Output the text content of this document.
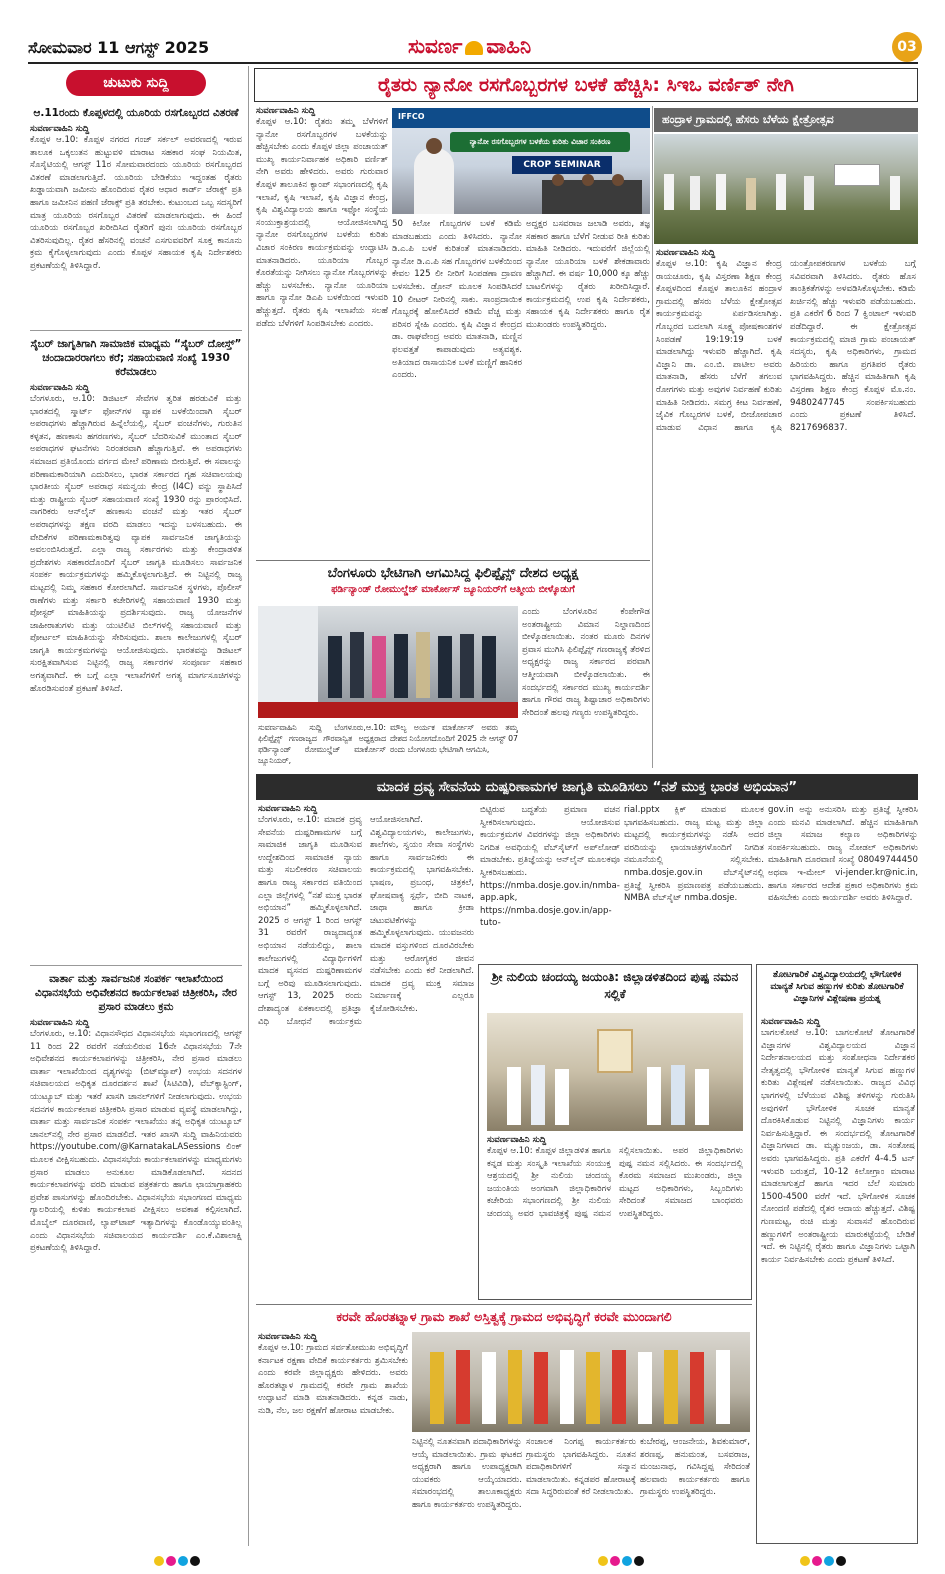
ಸೋಮವಾರ 11 ಆಗಸ್ಟ್ 2025	ಸುವರ್ಣ ವಾಹಿನಿ	03
ಚುಟುಕು ಸುದ್ದಿ
ಆ.11ರಂದು ಕೊಪ್ಪಳದಲ್ಲಿ ಯೂರಿಯ ರಸಗೊಬ್ಬರದ ವಿತರಣೆ
ಸುವರ್ಣವಾಹಿನಿ ಸುದ್ದಿ
ಕೊಪ್ಪಳ ಆ.10: ಕೊಪ್ಪಳ ನಗರದ ಗಂಜ್ ಸರ್ಕಲ್ ಅವರಣದಲ್ಲಿ ಇರುವ ತಾಲೂಕ ಒಕ್ಕಲುತನ ಹುಟ್ಟುವಳಿ ಮಾರಾಟ ಸಹಕಾರ ಸಂಘ ನಿಯಮಿತ, ಸೊಸೈಟಿಯಲ್ಲಿ ಆಗಸ್ಟ್ 11ರ ಸೋಮವಾರದಂದು ಯೂರಿಯ ರಸಗೊಬ್ಬರದ ವಿತರಣೆ ಮಾಡಲಾಗುತ್ತಿದೆ. ಯೂರಿಯ ಬೇಡಿಕೆಯು ಇದ್ದಂತಹ ರೈತರು ಖಡ್ಡಾಯವಾಗಿ ಜಮೀನು ಹೊಂದಿರುವ ರೈತರ ಆಧಾರ ಕಾರ್ಡ್ ಜೆರಾಕ್ಸ್ ಪ್ರತಿ ಹಾಗೂ ಜಮೀನಿನ ಪಹಣಿ ಜೆರಾಕ್ಸ್ ಪ್ರತಿ ತರಬೇಕು. ಕುಟುಂಬದ ಒಬ್ಬ ಸದಸ್ಯರಿಗೆ ಮಾತ್ರ ಯೂರಿಯ ರಸಗೊಬ್ಬರ ವಿತರಣೆ ಮಾಡಲಾಗುವುದು. ಈ ಹಿಂದೆ ಯೂರಿಯ ರಸಗೊಬ್ಬರ ಖರೀದಿಸಿದ ರೈತರಿಗೆ ಪುನಃ ಯೂರಿಯ ರಸಗೊಬ್ಬರ ವಿತರಿಸುವುದಿಲ್ಲ. ರೈತರ ಹೆಸರಿನಲ್ಲಿ ವಂಚನೆ ಎಸಗುವವರಿಗೆ ಸೂಕ್ತ ಕಾನೂನು ಕ್ರಮ ಕೈಗೊಳ್ಳಲಾಗುವುದು ಎಂದು ಕೊಪ್ಪಳ ಸಹಾಯಕ ಕೃಷಿ ನಿರ್ದೇಶಕರು ಪ್ರಕಟಣೆಯಲ್ಲಿ ತಿಳಿಸಿದ್ದಾರೆ.
ಸೈಬರ್ ಜಾಗೃತಿಗಾಗಿ ಸಾಮಾಜಿಕ ಮಾಧ್ಯಮ “ಸೈಬರ್ ದೋಸ್ತ್” ಚಂದಾದಾರರಾಗಲು ಕರೆ; ಸಹಾಯವಾಣಿ ಸಂಖ್ಯೆ 1930 ಕರೆಮಾಡಲು
ಸುವರ್ಣವಾಹಿನಿ ಸುದ್ದಿ
ಬೆಂಗಳೂರು, ಆ.10: ಡಿಜಿಟಲ್ ಸೇವೆಗಳ ತ್ವರಿತ ಹರಡುವಿಕೆ ಮತ್ತು ಭಾರತದಲ್ಲಿ ಸ್ಮಾರ್ಟ್ ಫೋನ್‌ಗಳ ವ್ಯಾಪಕ ಬಳಕೆಯಿಂದಾಗಿ ಸೈಬರ್ ಅಪರಾಧಗಳು ಹೆಚ್ಚಾಗಿರುವ ಹಿನ್ನೆಲೆಯಲ್ಲಿ, ಸೈಬರ್ ವಂಚನೆಗಳು, ಗುರುತಿನ ಕಳ್ಳತನ, ಹಣಕಾಸು ಹಗರಣಗಳು, ಸೈಬರ್ ಬೆದರಿಸುವಿಕೆ ಮುಂತಾದ ಸೈಬರ್ ಅಪರಾಧಗಳ ಘಟನೆಗಳು ನಿರಂತರವಾಗಿ ಹೆಚ್ಚಾಗುತ್ತಿವೆ. ಈ ಅಪರಾಧಗಳು ಸಮಾಜದ ಪ್ರತಿಯೊಂದು ವರ್ಗದ ಮೇಲೆ ಪರಿಣಾಮ ಬೀರುತ್ತಿವೆ. ಈ ಸವಾಲನ್ನು ಪರಿಣಾಮಕಾರಿಯಾಗಿ ಎದುರಿಸಲು, ಭಾರತ ಸರ್ಕಾರದ ಗೃಹ ಸಚಿವಾಲಯವು ಭಾರತೀಯ ಸೈಬರ್ ಅಪರಾಧ ಸಮನ್ವಯ ಕೇಂದ್ರ (I4C) ವನ್ನು ಸ್ಥಾಪಿಸಿದೆ ಮತ್ತು ರಾಷ್ಟ್ರೀಯ ಸೈಬರ್ ಸಹಾಯವಾಣಿ ಸಂಖ್ಯೆ 1930 ರನ್ನು ಪ್ರಾರಂಭಿಸಿದೆ. ನಾಗರಿಕರು ಆನ್‌ಲೈನ್ ಹಣಕಾಸು ವಂಚನೆ ಮತ್ತು ಇತರ ಸೈಬರ್ ಅಪರಾಧಗಳನ್ನು ತಕ್ಷಣ ವರದಿ ಮಾಡಲು ಇದನ್ನು ಬಳಸಬಹುದು. ಈ ವೇದಿಕೆಗಳ ಪರಿಣಾಮಕಾರಿತ್ವವು ವ್ಯಾಪಕ ಸಾರ್ವಜನಿಕ ಜಾಗೃತಿಯನ್ನು ಅವಲಂಬಿಸಿರುತ್ತದೆ. ಎಲ್ಲಾ ರಾಜ್ಯ ಸರ್ಕಾರಗಳು ಮತ್ತು ಕೇಂದ್ರಾಡಳಿತ ಪ್ರದೇಶಗಳು ಸಹಕಾರದೊಂದಿಗೆ ಸೈಬರ್ ಜಾಗೃತಿ ಮೂಡಿಸಲು ಸಾರ್ವಜನಿಕ ಸಂಪರ್ಕ ಕಾರ್ಯಕ್ರಮಗಳನ್ನು ಹಮ್ಮಿಕೊಳ್ಳಲಾಗುತ್ತಿದೆ. ಈ ನಿಟ್ಟಿನಲ್ಲಿ ರಾಜ್ಯ ಮಟ್ಟದಲ್ಲಿ ನಿಮ್ಮ ಸಹಕಾರ ಕೋರಲಾಗಿದೆ. ಸಾರ್ವಜನಿಕ ಸ್ಥಳಗಳು, ಪೊಲೀಸ್ ಠಾಣೆಗಳು ಮತ್ತು ಸರ್ಕಾರಿ ಕಚೇರಿಗಳಲ್ಲಿ ಸಹಾಯವಾಣಿ 1930 ಮತ್ತು ಪೋಸ್ಟರ್ ಮಾಹಿತಿಯನ್ನು ಪ್ರದರ್ಶಿಸುವುದು. ರಾಜ್ಯ ಯೋಜನೆಗಳ ಜಾಹೀರಾತುಗಳು ಮತ್ತು ಯುಟಿಲಿಟಿ ಬಿಲ್‌ಗಳಲ್ಲಿ ಸಹಾಯವಾಣಿ ಮತ್ತು ಪೋರ್ಟಲ್ ಮಾಹಿತಿಯನ್ನು ಸೇರಿಸುವುದು. ಶಾಲಾ ಕಾಲೇಜುಗಳಲ್ಲಿ ಸೈಬರ್ ಜಾಗೃತಿ ಕಾರ್ಯಕ್ರಮಗಳನ್ನು ಆಯೋಜಿಸುವುದು. ಭಾರತವನ್ನು ಡಿಜಿಟಲ್ ಸುರಕ್ಷಿತವಾಗಿಸುವ ನಿಟ್ಟಿನಲ್ಲಿ ರಾಜ್ಯ ಸರ್ಕಾರಗಳ ಸಂಪೂರ್ಣ ಸಹಕಾರ ಅಗತ್ಯವಾಗಿದೆ. ಈ ಬಗ್ಗೆ ಎಲ್ಲಾ ಇಲಾಖೆಗಳಿಗೆ ಅಗತ್ಯ ಮಾರ್ಗಸೂಚಿಗಳನ್ನು ಹೊರಡಿಸುವಂತೆ ಪ್ರಕಟಣೆ ತಿಳಿಸಿದೆ.
ವಾರ್ತಾ ಮತ್ತು ಸಾರ್ವಜನಿಕ ಸಂಪರ್ಕ ಇಲಾಖೆಯಿಂದ ವಿಧಾನಸಭೆಯ ಅಧಿವೇಶನದ ಕಾರ್ಯಕಲಾಪ ಚಿತ್ರೀಕರಿಸಿ, ನೇರ ಪ್ರಸಾರ ಮಾಡಲು ಕ್ರಮ
ಸುವರ್ಣವಾಹಿನಿ ಸುದ್ದಿ
ಬೆಂಗಳೂರು, ಆ.10: ವಿಧಾನಸೌಧದ ವಿಧಾನಸಭೆಯ ಸಭಾಂಗಣದಲ್ಲಿ ಆಗಸ್ಟ್ 11 ರಿಂದ 22 ರವರೆಗೆ ನಡೆಯಲಿರುವ 16ನೇ ವಿಧಾನಸಭೆಯ 7ನೇ ಅಧಿವೇಶನದ ಕಾರ್ಯಕಲಾಪಗಳನ್ನು ಚಿತ್ರೀಕರಿಸಿ, ನೇರ ಪ್ರಸಾರ ಮಾಡಲು ವಾರ್ತಾ ಇಲಾಖೆಯಿಂದ ದೃಶ್ಯಗಳನ್ನು (ಬಿಟ್‌ಮ್ಯಾಪ್) ಉಭಯ ಸದನಗಳ ಸಚಿವಾಲಯದ ಅಧಿಕೃತ ದೂರದರ್ಶನ ಶಾಖೆ (ಸಿಟಿವಿಡಿ), ವೆಬ್‌ಕ್ಯಾಸ್ಟಿಂಗ್, ಯುಟ್ಯೂಬ್ ಮತ್ತು ಇತರೆ ಖಾಸಗಿ ಚಾನಲ್‌ಗಳಿಗೆ ನೀಡಲಾಗುವುದು. ಉಭಯ ಸದನಗಳ ಕಾರ್ಯಕಲಾಪ ಚಿತ್ರೀಕರಿಸಿ ಪ್ರಸಾರ ಮಾಡುವ ವ್ಯವಸ್ಥೆ ಮಾಡಲಾಗಿದ್ದು, ವಾರ್ತಾ ಮತ್ತು ಸಾರ್ವಜನಿಕ ಸಂಪರ್ಕ ಇಲಾಖೆಯು ತನ್ನ ಅಧಿಕೃತ ಯುಟ್ಯೂಬ್ ಚಾನಲ್‌ನಲ್ಲಿ ನೇರ ಪ್ರಸಾರ ಮಾಡಲಿದೆ. ಇತರ ಖಾಸಗಿ ಸುದ್ದಿ ವಾಹಿನಿಯವರು https://youtube.com/@KarnatakaLASessions ಲಿಂಕ್ ಮೂಲಕ ವೀಕ್ಷಿಸಬಹುದು. ವಿಧಾನಸಭೆಯ ಕಾರ್ಯಕಲಾಪಗಳನ್ನು ಮಾಧ್ಯಮಗಳು ಪ್ರಸಾರ ಮಾಡಲು ಅನುಕೂಲ ಮಾಡಿಕೊಡಲಾಗಿದೆ. ಸದನದ ಕಾರ್ಯಕಲಾಪಗಳನ್ನು ವರದಿ ಮಾಡುವ ಪತ್ರಕರ್ತರು ಹಾಗೂ ಛಾಯಾಗ್ರಾಹಕರು ಪ್ರವೇಶ ಪಾಸುಗಳನ್ನು ಹೊಂದಿರಬೇಕು. ವಿಧಾನಸಭೆಯ ಸಭಾಂಗಣದ ಮಾಧ್ಯಮ ಗ್ಯಾಲರಿಯಲ್ಲಿ ಕುಳಿತು ಕಾರ್ಯಕಲಾಪ ವೀಕ್ಷಿಸಲು ಅವಕಾಶ ಕಲ್ಪಿಸಲಾಗಿದೆ. ಮೊಬೈಲ್ ದೂರವಾಣಿ, ಲ್ಯಾಪ್‌ಟಾಪ್ ಇತ್ಯಾದಿಗಳನ್ನು ಕೊಂಡೊಯ್ಯುವಂತಿಲ್ಲ ಎಂದು ವಿಧಾನಸಭೆಯ ಸಚಿವಾಲಯದ ಕಾರ್ಯದರ್ಶಿ ಎಂ.ಕೆ.ವಿಶಾಲಾಕ್ಷಿ ಪ್ರಕಟಣೆಯಲ್ಲಿ ತಿಳಿಸಿದ್ದಾರೆ.
ರೈತರು ನ್ಯಾನೋ ರಸಗೊಬ್ಬರಗಳ ಬಳಕೆ ಹೆಚ್ಚಿಸಿ: ಸಿಇಒ ವರ್ಣಿತ್ ನೇಗಿ
ಸುವರ್ಣವಾಹಿನಿ ಸುದ್ದಿ
ಕೊಪ್ಪಳ ಆ.10: ರೈತರು ತಮ್ಮ ಬೆಳೆಗಳಿಗೆ ನ್ಯಾನೋ ರಸಗೊಬ್ಬರಗಳ ಬಳಕೆಯನ್ನು ಹೆಚ್ಚಿಸಬೇಕು ಎಂದು ಕೊಪ್ಪಳ ಜಿಲ್ಲಾ ಪಂಚಾಯತ್ ಮುಖ್ಯ ಕಾರ್ಯನಿರ್ವಾಹಕ ಅಧಿಕಾರಿ ವರ್ಣಿತ್ ನೇಗಿ ಅವರು ಹೇಳಿದರು. ಅವರು ಗುರುವಾರ ಕೊಪ್ಪಳ ತಾಲೂಕಿನ ಕ್ಯಾಂಪ್ ಸಭಾಂಗಣದಲ್ಲಿ ಕೃಷಿ ಇಲಾಖೆ, ಕೃಷಿ ಇಲಾಖೆ, ಕೃಷಿ ವಿಜ್ಞಾನ ಕೇಂದ್ರ, ಕೃಷಿ ವಿಶ್ವವಿದ್ಯಾಲಯ ಹಾಗೂ ಇಫ್ಕೋ ಸಂಸ್ಥೆಯ ಸಂಯುಕ್ತಾಶ್ರಯದಲ್ಲಿ ಆಯೋಜಿಸಲಾಗಿದ್ದ ನ್ಯಾನೋ ರಸಗೊಬ್ಬರಗಳ ಬಳಕೆಯ ಕುರಿತು ವಿಚಾರ ಸಂಕಿರಣ ಕಾರ್ಯಕ್ರಮವನ್ನು ಉದ್ಘಾಟಿಸಿ ಮಾತನಾಡಿದರು. ಯೂರಿಯಾ ಗೊಬ್ಬರ ಕೊರತೆಯನ್ನು ನೀಗಿಸಲು ನ್ಯಾನೋ ಗೊಬ್ಬರಗಳನ್ನು ಹೆಚ್ಚು ಬಳಸಬೇಕು. ನ್ಯಾನೋ ಯೂರಿಯಾ ಹಾಗೂ ನ್ಯಾನೋ ಡಿಎಪಿ ಬಳಕೆಯಿಂದ ಇಳುವರಿ ಹೆಚ್ಚುತ್ತದೆ. ರೈತರು ಕೃಷಿ ಇಲಾಖೆಯ ಸಲಹೆ ಪಡೆದು ಬೆಳೆಗಳಿಗೆ ಸಿಂಪಡಿಸಬೇಕು ಎಂದರು.
IFFCO
ನ್ಯಾನೋ ರಸಗೊಬ್ಬರಗಳ ಬಳಕೆಯ ಕುರಿತು ವಿಚಾರ ಸಂಕಿರಣ
CROP SEMINAR
50 ಕಿಲೋ ಗೊಬ್ಬರಗಳ ಬಳಕೆ ಕಡಿಮೆ ಮಾಡಬಹುದು ಎಂದು ತಿಳಿಸಿದರು. ನ್ಯಾನೋ ಡಿ.ಎ.ಪಿ ಬಳಕೆ ಕುರಿತಂತೆ ಮಾತನಾಡಿದರು. ನ್ಯಾನೋ ಡಿ.ಎ.ಪಿ ಸಹ ಗೊಬ್ಬರಗಳ ಬಳಕೆಯಿಂದ ಕೇವಲ 125 ಲೀ ನೀರಿಗೆ ಸಿಂಪಡಣಾ ದ್ರಾವಣ ಬಳಸಬೇಕು. ಡ್ರೋನ್ ಮೂಲಕ ಸಿಂಪಡಿಸಿದರೆ 10 ಲೀಟರ್ ನೀರಿನಲ್ಲಿ ಸಾಕು. ಸಾಂಪ್ರದಾಯಿಕ ಗೊಬ್ಬರಕ್ಕೆ ಹೋಲಿಸಿದರೆ ಕಡಿಮೆ ವೆಚ್ಚ ಮತ್ತು ಪರಿಸರ ಸ್ನೇಹಿ ಎಂದರು. ಕೃಷಿ ವಿಜ್ಞಾನ ಕೇಂದ್ರದ ಡಾ. ರಾಘವೇಂದ್ರ ಅವರು ಮಾತನಾಡಿ, ಮಣ್ಣಿನ ಫಲವತ್ತತೆ ಕಾಪಾಡುವುದು ಅತ್ಯವಶ್ಯಕ. ಅತಿಯಾದ ರಾಸಾಯನಿಕ ಬಳಕೆ ಮಣ್ಣಿಗೆ ಹಾನಿಕರ ಎಂದರು.
ಅದ್ದಕ್ಷರ ಬಸವರಾಜ ಜಲಾಡಿ ಅವರು, ತಜ್ಞ ಸಹಕಾರ ಹಾಗೂ ಬೆಳೆಗೆ ನೀಡುವ ರೀತಿ ಕುರಿತು ಮಾಹಿತಿ ನೀಡಿದರು. ಇದುವರೆಗೆ ಜಿಲ್ಲೆಯಲ್ಲಿ ನ್ಯಾನೋ ಯೂರಿಯಾ ಬಳಕೆ ಶೇಕಡಾವಾರು ಹೆಚ್ಚಾಗಿದೆ. ಈ ವರ್ಷ 10,000 ಕ್ಕೂ ಹೆಚ್ಚು ಬಾಟಲಿಗಳನ್ನು ರೈತರು ಖರೀದಿಸಿದ್ದಾರೆ. ಕಾರ್ಯಕ್ರಮದಲ್ಲಿ ಉಪ ಕೃಷಿ ನಿರ್ದೇಶಕರು, ಸಹಾಯಕ ಕೃಷಿ ನಿರ್ದೇಶಕರು ಹಾಗೂ ರೈತ ಮುಖಂಡರು ಉಪಸ್ಥಿತರಿದ್ದರು.
ಹಂದ್ರಾಳ ಗ್ರಾಮದಲ್ಲಿ ಹೆಸರು ಬೆಳೆಯ ಕ್ಷೇತ್ರೋತ್ಸವ
ಸುವರ್ಣವಾಹಿನಿ ಸುದ್ದಿ
ಕೊಪ್ಪಳ ಆ.10: ಕೃಷಿ ವಿಜ್ಞಾನ ಕೇಂದ್ರ ರಾಯಚೂರು, ಕೃಷಿ ವಿಸ್ತರಣಾ ಶಿಕ್ಷಣ ಕೇಂದ್ರ ಕೊಪ್ಪಳದಿಂದ ಕೊಪ್ಪಳ ತಾಲೂಕಿನ ಹಂದ್ರಾಳ ಗ್ರಾಮದಲ್ಲಿ ಹೆಸರು ಬೆಳೆಯ ಕ್ಷೇತ್ರೋತ್ಸವ ಕಾರ್ಯಕ್ರಮವನ್ನು ಏರ್ಪಡಿಸಲಾಗಿತ್ತು. ಗೊಬ್ಬರದ ಬದಲಾಗಿ ಸೂಕ್ಷ್ಮ ಪೋಷಕಾಂಶಗಳ ಸಿಂಪಡಣೆ 19:19:19 ಬಳಕೆ ಮಾಡಲಾಗಿದ್ದು ಇಳುವರಿ ಹೆಚ್ಚಾಗಿದೆ. ಕೃಷಿ ವಿಜ್ಞಾನಿ ಡಾ. ಎಂ.ಬಿ. ಪಾಟೀಲ ಅವರು ಮಾತನಾಡಿ, ಹೆಸರು ಬೆಳೆಗೆ ತಗಲುವ ರೋಗಗಳು ಮತ್ತು ಅವುಗಳ ನಿರ್ವಹಣೆ ಕುರಿತು ಮಾಹಿತಿ ನೀಡಿದರು. ಸಮಗ್ರ ಕೀಟ ನಿರ್ವಹಣೆ, ಜೈವಿಕ ಗೊಬ್ಬರಗಳ ಬಳಕೆ, ಬೀಜೋಪಚಾರ ಮಾಡುವ ವಿಧಾನ ಹಾಗೂ ಕೃಷಿ ಯಂತ್ರೋಪಕರಣಗಳ ಬಳಕೆಯ ಬಗ್ಗೆ ಸವಿವರವಾಗಿ ತಿಳಿಸಿದರು. ರೈತರು ಹೊಸ ತಾಂತ್ರಿಕತೆಗಳನ್ನು ಅಳವಡಿಸಿಕೊಳ್ಳಬೇಕು. ಕಡಿಮೆ ಖರ್ಚಿನಲ್ಲಿ ಹೆಚ್ಚು ಇಳುವರಿ ಪಡೆಯಬಹುದು. ಪ್ರತಿ ಎಕರೆಗೆ 6 ರಿಂದ 7 ಕ್ವಿಂಟಾಲ್ ಇಳುವರಿ ಪಡೆದಿದ್ದಾರೆ. ಈ ಕ್ಷೇತ್ರೋತ್ಸವ ಕಾರ್ಯಕ್ರಮದಲ್ಲಿ ಮಾಜಿ ಗ್ರಾಮ ಪಂಚಾಯತ್ ಸದಸ್ಯರು, ಕೃಷಿ ಅಧಿಕಾರಿಗಳು, ಗ್ರಾಮದ ಹಿರಿಯರು ಹಾಗೂ ಪ್ರಗತಿಪರ ರೈತರು ಭಾಗವಹಿಸಿದ್ದರು. ಹೆಚ್ಚಿನ ಮಾಹಿತಿಗಾಗಿ ಕೃಷಿ ವಿಸ್ತರಣಾ ಶಿಕ್ಷಣ ಕೇಂದ್ರ ಕೊಪ್ಪಳ ಮೊ.ನಂ. 9480247745 ಸಂಪರ್ಕಿಸಬಹುದು ಎಂದು ಪ್ರಕಟಣೆ ತಿಳಿಸಿದೆ. 8217696837.
ಬೆಂಗಳೂರು ಭೇಟಿಗಾಗಿ ಆಗಮಿಸಿದ್ದ ಫಿಲಿಪ್ಪೈನ್ಸ್ ದೇಶದ ಅಧ್ಯಕ್ಷ
ಫರ್ಡಿನ್ಯಾಂಡ್ ರೋಮುಲ್ಡೆಜ್ ಮಾರ್ಕೋಸ್ ಜ್ಯೂನಿಯರ್‌ಗೆ ಆತ್ಮೀಯ ಬೀಳ್ಕೊಡುಗೆ
ಸುವರ್ಣವಾಹಿನಿ ಸುದ್ದಿ ಬೆಂಗಳೂರು,ಆ.10: ಫಿಲಿಪ್ಪೈನ್ಸ್ ಗಣರಾಜ್ಯದ ಗೌರವಾನ್ವಿತ ಅಧ್ಯಕ್ಷರಾದ ಫರ್ಡಿನ್ಯಾಂಡ್ ರೋಮುಲ್ಡೆಜ್ ಮಾರ್ಕೋಸ್ ಜ್ಯೂನಿಯರ್,
ಮೌಲ್ಯ ಅರ್ಯಕ ಮಾರ್ಕೋಸ್ ಅವರು ತಮ್ಮ ದೇಶದ ನಿಯೋಗದೊಂದಿಗೆ 2025 ನೇ ಆಗಸ್ಟ್ 07 ರಂದು ಬೆಂಗಳೂರು ಭೇಟಿಗಾಗಿ ಆಗಮಿಸಿ,
ಎಂದು ಬೆಂಗಳೂರಿನ ಕೆಂಪೇಗೌಡ ಅಂತರಾಷ್ಟ್ರೀಯ ವಿಮಾನ ನಿಲ್ದಾಣದಿಂದ ಬೀಳ್ಕೊಡಲಾಯಿತು. ನಂತರ ಮೂರು ದಿನಗಳ ಪ್ರವಾಸ ಮುಗಿಸಿ ಫಿಲಿಪ್ಪೈನ್ಸ್ ಗಣರಾಜ್ಯಕ್ಕೆ ತೆರಳಿದ ಅಧ್ಯಕ್ಷರನ್ನು ರಾಜ್ಯ ಸರ್ಕಾರದ ಪರವಾಗಿ ಆತ್ಮೀಯವಾಗಿ ಬೀಳ್ಕೊಡಲಾಯಿತು. ಈ ಸಂದರ್ಭದಲ್ಲಿ ಸರ್ಕಾರದ ಮುಖ್ಯ ಕಾರ್ಯದರ್ಶಿ ಹಾಗೂ ಗೌರವ ರಾಜ್ಯ ಶಿಷ್ಟಾಚಾರ ಅಧಿಕಾರಿಗಳು ಸೇರಿದಂತೆ ಹಲವು ಗಣ್ಯರು ಉಪಸ್ಥಿತರಿದ್ದರು.
ಮಾದಕ ದ್ರವ್ಯ ಸೇವನೆಯ ದುಷ್ಪರಿಣಾಮಗಳ ಜಾಗೃತಿ ಮೂಡಿಸಲು “ನಶೆ ಮುಕ್ತ ಭಾರತ ಅಭಿಯಾನ”
ಸುವರ್ಣವಾಹಿನಿ ಸುದ್ದಿ
ಬೆಂಗಳೂರು, ಆ.10: ಮಾದಕ ದ್ರವ್ಯ ಸೇವನೆಯ ದುಷ್ಪರಿಣಾಮಗಳ ಬಗ್ಗೆ ಸಾಮಾಜಿಕ ಜಾಗೃತಿ ಮೂಡಿಸುವ ಉದ್ದೇಶದಿಂದ ಸಾಮಾಜಿಕ ನ್ಯಾಯ ಮತ್ತು ಸಬಲೀಕರಣ ಸಚಿವಾಲಯ ಹಾಗೂ ರಾಜ್ಯ ಸರ್ಕಾರದ ವತಿಯಿಂದ ಎಲ್ಲಾ ಜಿಲ್ಲೆಗಳಲ್ಲಿ “ನಶೆ ಮುಕ್ತ ಭಾರತ ಅಭಿಯಾನ” ಹಮ್ಮಿಕೊಳ್ಳಲಾಗಿದೆ. 2025 ರ ಆಗಸ್ಟ್ 1 ರಿಂದ ಆಗಸ್ಟ್ 31 ರವರೆಗೆ ರಾಜ್ಯದಾದ್ಯಂತ ಅಭಿಯಾನ ನಡೆಯಲಿದ್ದು, ಶಾಲಾ ಕಾಲೇಜುಗಳಲ್ಲಿ ವಿದ್ಯಾರ್ಥಿಗಳಿಗೆ ಮಾದಕ ವ್ಯಸನದ ದುಷ್ಪರಿಣಾಮಗಳ ಬಗ್ಗೆ ಅರಿವು ಮೂಡಿಸಲಾಗುವುದು. ಆಗಸ್ಟ್ 13, 2025 ರಂದು ದೇಶಾದ್ಯಂತ ಏಕಕಾಲದಲ್ಲಿ ಪ್ರತಿಜ್ಞಾ ವಿಧಿ ಬೋಧನೆ ಕಾರ್ಯಕ್ರಮ ಆಯೋಜಿಸಲಾಗಿದೆ. ವಿಶ್ವವಿದ್ಯಾಲಯಗಳು, ಕಾಲೇಜುಗಳು, ಶಾಲೆಗಳು, ಸ್ವಯಂ ಸೇವಾ ಸಂಸ್ಥೆಗಳು ಹಾಗೂ ಸಾರ್ವಜನಿಕರು ಈ ಕಾರ್ಯಕ್ರಮದಲ್ಲಿ ಭಾಗವಹಿಸಬೇಕು. ಭಾಷಣ, ಪ್ರಬಂಧ, ಚಿತ್ರಕಲೆ, ಘೋಷವಾಕ್ಯ ಸ್ಪರ್ಧೆ, ಬೀದಿ ನಾಟಕ, ಜಾಥಾ ಹಾಗೂ ಕ್ರೀಡಾ ಚಟುವಟಿಕೆಗಳನ್ನು ಹಮ್ಮಿಕೊಳ್ಳಲಾಗುವುದು. ಯುವಜನರು ಮಾದಕ ವಸ್ತುಗಳಿಂದ ದೂರವಿರಬೇಕು ಮತ್ತು ಆರೋಗ್ಯಕರ ಜೀವನ ನಡೆಸಬೇಕು ಎಂದು ಕರೆ ನೀಡಲಾಗಿದೆ. ಮಾದಕ ದ್ರವ್ಯ ಮುಕ್ತ ಸಮಾಜ ನಿರ್ಮಾಣಕ್ಕೆ ಎಲ್ಲರೂ ಕೈಜೋಡಿಸಬೇಕು.
ಬಿಟ್ಟಿರುವ ಬದ್ಧತೆಯ ಪ್ರಮಾಣ ವಚನ ಸ್ವೀಕರಿಸಲಾಗುವುದು. ಆಯೋಜಿಸುವ ಕಾರ್ಯಕ್ರಮಗಳ ವಿವರಗಳನ್ನು ಜಿಲ್ಲಾ ಅಧಿಕಾರಿಗಳು ನಿಗದಿತ ಅವಧಿಯಲ್ಲಿ ವೆಬ್‌ಸೈಟ್‌ಗೆ ಅಪ್‌ಲೋಡ್ ಮಾಡಬೇಕು. ಪ್ರತಿಜ್ಞೆಯನ್ನು ಆನ್‌ಲೈನ್ ಮೂಲಕವೂ ಸ್ವೀಕರಿಸಬಹುದು. https://nmba.dosje.gov.in/nmba-app.apk, https://nmba.dosje.gov.in/app-tuto-
rial.pptx ಕ್ಲಿಕ್ ಮಾಡುವ ಮೂಲಕ ಭಾಗವಹಿಸಬಹುದು. ರಾಜ್ಯ ಮಟ್ಟ ಮತ್ತು ಜಿಲ್ಲಾ ಮಟ್ಟದಲ್ಲಿ ಕಾರ್ಯಕ್ರಮಗಳನ್ನು ನಡೆಸಿ ಅದರ ವರದಿಯನ್ನು ಛಾಯಾಚಿತ್ರಗಳೊಂದಿಗೆ ನಿಗದಿತ ನಮೂನೆಯಲ್ಲಿ ಸಲ್ಲಿಸಬೇಕು. nmba.dosje.gov.in ವೆಬ್‌ಸೈಟ್‌ನಲ್ಲಿ ಪ್ರತಿಜ್ಞೆ ಸ್ವೀಕರಿಸಿ ಪ್ರಮಾಣಪತ್ರ ಪಡೆಯಬಹುದು. NMBA ವೆಬ್‌ಸೈಟ್ nmba.dosje.
gov.in ಅನ್ನು ಅನುಸರಿಸಿ ಮತ್ತು ಪ್ರತಿಜ್ಞೆ ಸ್ವೀಕರಿಸಿ ಎಂದು ಮನವಿ ಮಾಡಲಾಗಿದೆ. ಹೆಚ್ಚಿನ ಮಾಹಿತಿಗಾಗಿ ಜಿಲ್ಲಾ ಸಮಾಜ ಕಲ್ಯಾಣ ಅಧಿಕಾರಿಗಳನ್ನು ಸಂಪರ್ಕಿಸಬಹುದು. ರಾಜ್ಯ ನೋಡಲ್ ಅಧಿಕಾರಿಗಳು ಮಾಹಿತಿಗಾಗಿ ದೂರವಾಣಿ ಸಂಖ್ಯೆ 08049744450 ಅಥವಾ ಇ-ಮೇಲ್ vi-jender.kr@nic.in, ಹಾಗೂ ಸರ್ಕಾರದ ಆದೇಶ ಪ್ರಕಾರ ಅಧಿಕಾರಿಗಳು ಕ್ರಮ ವಹಿಸಬೇಕು ಎಂದು ಕಾರ್ಯದರ್ಶಿ ಅವರು ತಿಳಿಸಿದ್ದಾರೆ.
ಶ್ರೀ ನುಲಿಯ ಚಂದಯ್ಯ ಜಯಂತಿ: ಜಿಲ್ಲಾಡಳಿತದಿಂದ ಪುಷ್ಪ ನಮನ ಸಲ್ಲಿಕೆ
ಸುವರ್ಣವಾಹಿನಿ ಸುದ್ದಿ
ಕೊಪ್ಪಳ ಆ.10: ಕೊಪ್ಪಳ ಜಿಲ್ಲಾಡಳಿತ ಹಾಗೂ ಕನ್ನಡ ಮತ್ತು ಸಂಸ್ಕೃತಿ ಇಲಾಖೆಯ ಸಂಯುಕ್ತ ಆಶ್ರಯದಲ್ಲಿ ಶ್ರೀ ನುಲಿಯ ಚಂದಯ್ಯ ಜಯಂತಿಯ ಅಂಗವಾಗಿ ಜಿಲ್ಲಾಧಿಕಾರಿಗಳ ಕಚೇರಿಯ ಸಭಾಂಗಣದಲ್ಲಿ ಶ್ರೀ ನುಲಿಯ ಚಂದಯ್ಯ ಅವರ ಭಾವಚಿತ್ರಕ್ಕೆ ಪುಷ್ಪ ನಮನ ಸಲ್ಲಿಸಲಾಯಿತು. ಅಪರ ಜಿಲ್ಲಾಧಿಕಾರಿಗಳು ಪುಷ್ಪ ನಮನ ಸಲ್ಲಿಸಿದರು. ಈ ಸಂದರ್ಭದಲ್ಲಿ ಕೊರಮ ಸಮಾಜದ ಮುಖಂಡರು, ಜಿಲ್ಲಾ ಮಟ್ಟದ ಅಧಿಕಾರಿಗಳು, ಸಿಬ್ಬಂದಿಗಳು ಸೇರಿದಂತೆ ಸಮಾಜದ ಬಾಂಧವರು ಉಪಸ್ಥಿತರಿದ್ದರು.
ತೋಟಗಾರಿಕೆ ವಿಶ್ವವಿದ್ಯಾಲಯದಲ್ಲಿ ಭೌಗೋಳಿಕ ಮಾನ್ಯತೆ ಸಿಗುವ ಹಣ್ಣುಗಳ ಕುರಿತು ತೋಟಗಾರಿಕೆ ವಿಜ್ಞಾನಿಗಳ ವಿಶ್ಲೇಷಣಾ ಪ್ರಯತ್ನ
ಸುವರ್ಣವಾಹಿನಿ ಸುದ್ದಿ
ಬಾಗಲಕೋಟೆ ಆ.10: ಬಾಗಲಕೋಟೆ ತೋಟಗಾರಿಕೆ ವಿಜ್ಞಾನಗಳ ವಿಶ್ವವಿದ್ಯಾಲಯದ ವಿಜ್ಞಾನ ನಿರ್ದೇಶನಾಲಯದ ಮತ್ತು ಸಂಶೋಧನಾ ನಿರ್ದೇಶಕರ ನೇತೃತ್ವದಲ್ಲಿ ಭೌಗೋಳಿಕ ಮಾನ್ಯತೆ ಸಿಗುವ ಹಣ್ಣುಗಳ ಕುರಿತು ವಿಶ್ಲೇಷಣೆ ನಡೆಸಲಾಯಿತು. ರಾಜ್ಯದ ವಿವಿಧ ಭಾಗಗಳಲ್ಲಿ ಬೆಳೆಯುವ ವಿಶಿಷ್ಟ ತಳಿಗಳನ್ನು ಗುರುತಿಸಿ ಅವುಗಳಿಗೆ ಭೌಗೋಳಿಕ ಸೂಚಕ ಮಾನ್ಯತೆ ದೊರಕಿಸಿಕೊಡುವ ನಿಟ್ಟಿನಲ್ಲಿ ವಿಜ್ಞಾನಿಗಳು ಕಾರ್ಯ ನಿರ್ವಹಿಸುತ್ತಿದ್ದಾರೆ. ಈ ಸಂದರ್ಭದಲ್ಲಿ ತೋಟಗಾರಿಕೆ ವಿಜ್ಞಾನಿಗಳಾದ ಡಾ. ಮೃತ್ಯುಂಜಯ, ಡಾ. ಸಂತೋಷ ಅವರು ಭಾಗವಹಿಸಿದ್ದರು. ಪ್ರತಿ ಎಕರೆಗೆ 4-4.5 ಟನ್ ಇಳುವರಿ ಬರುತ್ತದೆ, 10-12 ಕಿಲೋಗ್ರಾಂ ಮಾರಾಟ ಮಾಡಲಾಗುತ್ತದೆ ಹಾಗೂ ಇದರ ಬೆಲೆ ಸುಮಾರು 1500-4500 ವರೆಗೆ ಇದೆ. ಭೌಗೋಳಿಕ ಸೂಚಕ ನೋಂದಣಿ ಪಡೆದಲ್ಲಿ ರೈತರ ಆದಾಯ ಹೆಚ್ಚುತ್ತದೆ. ವಿಶಿಷ್ಟ ಗುಣಮಟ್ಟ, ರುಚಿ ಮತ್ತು ಸುವಾಸನೆ ಹೊಂದಿರುವ ಹಣ್ಣುಗಳಿಗೆ ಅಂತರಾಷ್ಟ್ರೀಯ ಮಾರುಕಟ್ಟೆಯಲ್ಲಿ ಬೇಡಿಕೆ ಇದೆ. ಈ ನಿಟ್ಟಿನಲ್ಲಿ ರೈತರು ಹಾಗೂ ವಿಜ್ಞಾನಿಗಳು ಒಟ್ಟಾಗಿ ಕಾರ್ಯ ನಿರ್ವಹಿಸಬೇಕು ಎಂದು ಪ್ರಕಟಣೆ ತಿಳಿಸಿದೆ.
ಕರವೇ ಹೊರತಟ್ನಾಳ ಗ್ರಾಮ ಶಾಖೆ ಅಸ್ತಿತ್ವಕ್ಕೆ ಗ್ರಾಮದ ಅಭಿವೃದ್ಧಿಗೆ ಕರವೇ ಮುಂದಾಗಲಿ
ಸುವರ್ಣವಾಹಿನಿ ಸುದ್ದಿ
ಕೊಪ್ಪಳ ಆ.10: ಗ್ರಾಮದ ಸರ್ವತೋಮುಖ ಅಭಿವೃದ್ಧಿಗೆ ಕರ್ನಾಟಕ ರಕ್ಷಣಾ ವೇದಿಕೆ ಕಾರ್ಯಕರ್ತರು ಶ್ರಮಿಸಬೇಕು ಎಂದು ಕರವೇ ಜಿಲ್ಲಾಧ್ಯಕ್ಷರು ಹೇಳಿದರು. ಅವರು ಹೊರತಟ್ನಾಳ ಗ್ರಾಮದಲ್ಲಿ ಕರವೇ ಗ್ರಾಮ ಶಾಖೆಯ ಉದ್ಘಾಟನೆ ಮಾಡಿ ಮಾತನಾಡಿದರು. ಕನ್ನಡ ನಾಡು, ನುಡಿ, ನೆಲ, ಜಲ ರಕ್ಷಣೆಗೆ ಹೋರಾಟ ಮಾಡಬೇಕು.
ನಿಟ್ಟಿನಲ್ಲಿ ನೂತನವಾಗಿ ಪದಾಧಿಕಾರಿಗಳನ್ನು ಆಯ್ಕೆ ಮಾಡಲಾಯಿತು. ಗ್ರಾಮ ಘಟಕದ ಅಧ್ಯಕ್ಷರಾಗಿ ಹಾಗೂ ಉಪಾಧ್ಯಕ್ಷರಾಗಿ ಯುವಕರು ಆಯ್ಕೆಯಾದರು. ಸಮಾರಂಭದಲ್ಲಿ ತಾಲೂಕಾಧ್ಯಕ್ಷರು ಹಾಗೂ ಕಾರ್ಯಕರ್ತರು ಉಪಸ್ಥಿತರಿದ್ದರು.
ಸಂಚಾಲಕ ನಿಂಗಪ್ಪ ಕಾರ್ಯಕರ್ತರು ಗ್ರಾಮಸ್ಥರು ಭಾಗವಹಿಸಿದ್ದರು. ನೂತನ ಪದಾಧಿಕಾರಿಗಳಿಗೆ ಸನ್ಮಾನ ಮಾಡಲಾಯಿತು. ಕನ್ನಡಪರ ಹೋರಾಟಕ್ಕೆ ಸದಾ ಸಿದ್ಧರಿರುವಂತೆ ಕರೆ ನೀಡಲಾಯಿತು.
ಕುಬೇರಪ್ಪ, ಆಂಜನೇಯ, ಶಿವಕುಮಾರ್, ಶರಣಪ್ಪ, ಹನುಮಂತ, ಬಸವರಾಜ, ಮಂಜುನಾಥ, ಗವಿಸಿದ್ದಪ್ಪ ಸೇರಿದಂತೆ ಹಲವಾರು ಕಾರ್ಯಕರ್ತರು ಹಾಗೂ ಗ್ರಾಮಸ್ಥರು ಉಪಸ್ಥಿತರಿದ್ದರು.
